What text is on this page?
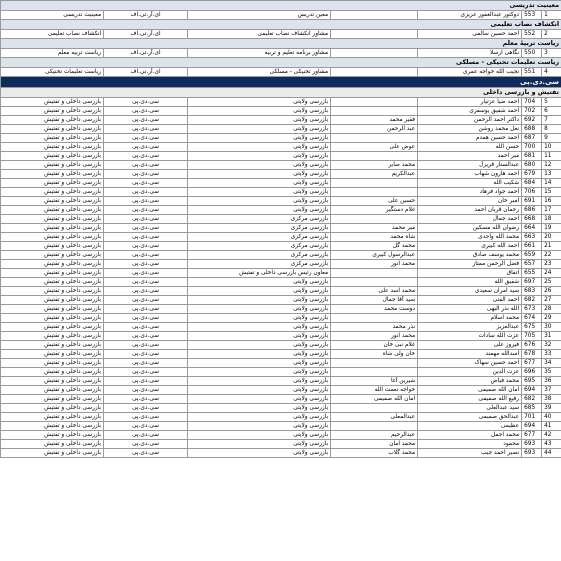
معینیت تدریسی						
1	553	دوکتور عبدالغفور عزیزی		معین تدریس	ای.آر.تی.اف	معینیت تدریسی
انکشاف نصاب تعلیمی						
2	552	احمد حسین سالمی		مشاور انکشاف نصاب تعلیمی	ای.آر.تی.اف	انکشاف نصاب تعلیمی
ریاست تربیهٔ معلم						
3	550	نگاهی ارسلا		مشاور برنامه تعلیم و تربیه	ای.آر.تی.اف	ریاست تربیه معلم
ریاست تعلیمات تخنیکی - مسلکی						
4	551	نجیب الله خواجه عمری		مشاور تخنیکی - مسلکی	ای.آر.تی.اف	ریاست تعلیمات تخنیکی
سی.دی.پی						
تفتیش و بازرسی داخلی						
5	704	احمد ضیا عزتیار		بازرسی ولایتی	سی.دی.پی	بازرسی داخلی و تفتیش
6	702	احمد شفیق یوسفزی		بازرسی ولایتی	سی.دی.پی	بازرسی داخلی و تفتیش
7	692	داکتر احمد الرحمن	فقیر محمد	بازرسی ولایتی	سی.دی.پی	بازرسی داخلی و تفتیش
8	688	نعل محمد روشن	عبد الرحمن	بازرسی ولایتی	سی.دی.پی	بازرسی داخلی و تفتیش
9	687	احمد حسین همدم		بازرسی ولایتی	سی.دی.پی	بازرسی داخلی و تفتیش
10	700	حسن الله	عوض علی	بازرسی ولایتی	سی.دی.پی	بازرسی داخلی و تفتیش
11	681	میر احمد		بازرسی ولایتی	سی.دی.پی	بازرسی داخلی و تفتیش
12	680	عبدالستار قریزل	محمد صابر	بازرسی ولایتی	سی.دی.پی	بازرسی داخلی و تفتیش
13	679	احمد هارون شهاب	عبدالکریم	بازرسی ولایتی	سی.دی.پی	بازرسی داخلی و تفتیش
14	684	شکیب الله		بازرسی ولایتی	سی.دی.پی	بازرسی داخلی و تفتیش
15	706	احمد جواد فرهاد		بازرسی ولایتی	سی.دی.پی	بازرسی داخلی و تفتیش
16	691	امیر خان	حسین علی	بازرسی ولایتی	سی.دی.پی	بازرسی داخلی و تفتیش
17	686	رحمان قربان احمد	غلام دستگیر	بازرسی ولایتی	سی.دی.پی	بازرسی داخلی و تفتیش
18	668	احمد جمال		بازرسی مرکزی	سی.دی.پی	بازرسی داخلی و تفتیش
19	664	رضوان الله مسکین	میر محمد	بازرسی مرکزی	سی.دی.پی	بازرسی داخلی و تفتیش
20	663	محمد الله واحدی	شاه محمد	بازرسی مرکزی	سی.دی.پی	بازرسی داخلی و تفتیش
21	661	احمد الله کبیری	محمد گل	بازرسی مرکزی	سی.دی.پی	بازرسی داخلی و تفتیش
22	659	محمد یوسف صادق	عبدالرسول کبیری	بازرسی مرکزی	سی.دی.پی	بازرسی داخلی و تفتیش
23	657	فضل الرحمن ممتاز	محمد انور	بازرسی مرکزی	سی.دی.پی	بازرسی داخلی و تفتیش
24	655	اتفاق		معاون رئیس بازرسی داخلی و تفتیش	سی.دی.پی	بازرسی داخلی و تفتیش
25	697	شفیق الله		بازرسی ولایتی	سی.دی.پی	بازرسی داخلی و تفتیش
26	683	سید امران سعیدی	محمد اسد علی	بازرسی ولایتی	سی.دی.پی	بازرسی داخلی و تفتیش
27	682	احمد الفتی	سید آقا جمال	بازرسی ولایتی	سی.دی.پی	بازرسی داخلی و تفتیش
28	673	الله نذر الیهی	دوست محمد	بازرسی ولایتی	سی.دی.پی	بازرسی داخلی و تفتیش
29	674	محمد اسلام		بازرسی ولایتی	سی.دی.پی	بازرسی داخلی و تفتیش
30	675	عبدالعزیز	نذر محمد	بازرسی ولایتی	سی.دی.پی	بازرسی داخلی و تفتیش
31	705	عزت الله سادات	محمد انور	بازرسی ولایتی	سی.دی.پی	بازرسی داخلی و تفتیش
32	676	فیروز علی	غلام نبی خان	بازرسی ولایتی	سی.دی.پی	بازرسی داخلی و تفتیش
33	678	اسدالله مهمند	خان ولی شاه	بازرسی ولایتی	سی.دی.پی	بازرسی داخلی و تفتیش
34	677	احمد حسین سهاک		بازرسی ولایتی	سی.دی.پی	بازرسی داخلی و تفتیش
35	696	عزت الدین		بازرسی ولایتی	سی.دی.پی	بازرسی داخلی و تفتیش
36	695	محمد فیاض	شیرین آغا	بازرسی ولایتی	سی.دی.پی	بازرسی داخلی و تفتیش
37	694	امان الله صمیمی	خواجه نعمت الله	بازرسی ولایتی	سی.دی.پی	بازرسی داخلی و تفتیش
38	682	رفیع الله صمیمی	امان الله صمیمی	بازرسی ولایتی	سی.دی.پی	بازرسی داخلی و تفتیش
39	685	سید عبدالعلی		بازرسی ولایتی	سی.دی.پی	بازرسی داخلی و تفتیش
40	701	عبدالحق صمیمی	عبدالمعلی	بازرسی ولایتی	سی.دی.پی	بازرسی داخلی و تفتیش
41	694	عظیمی		بازرسی ولایتی	سی.دی.پی	بازرسی داخلی و تفتیش
42	677	محمد اجمل	عبدالرحیم	بازرسی ولایتی	سی.دی.پی	بازرسی داخلی و تفتیش
43	693	محمود	محمد امان	بازرسی ولایتی	سی.دی.پی	بازرسی داخلی و تفتیش
44	693	نصیر احمد جیب	محمد گلاب	بازرسی ولایتی	سی.دی.پی	بازرسی داخلی و تفتیش
